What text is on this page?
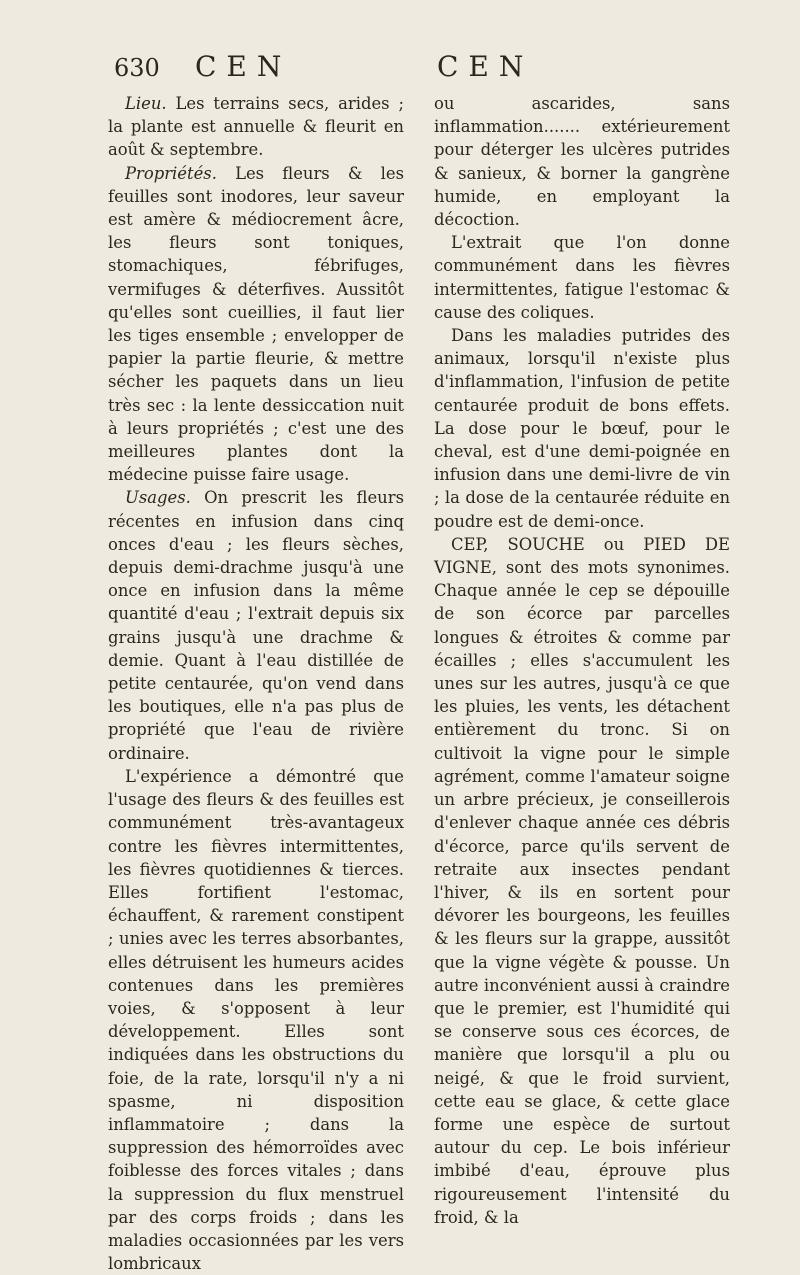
630 CEN	CEN

Lieu. Les terrains secs, arides ; la plante est annuelle & fleurit en août & septembre.

Propriétés. Les fleurs & les feuilles sont inodores, leur saveur est amère & médiocrement âcre, les fleurs sont toniques, stomachiques, fébrifuges, vermifuges & déterfives. Aussitôt qu'elles sont cueillies, il faut lier les tiges ensemble ; envelopper de papier la partie fleurie, & mettre sécher les paquets dans un lieu très sec : la lente dessiccation nuit à leurs propriétés ; c'est une des meilleures plantes dont la médecine puisse faire usage.

Usages. On prescrit les fleurs récentes en infusion dans cinq onces d'eau ; les fleurs sèches, depuis demi-drachme jusqu'à une once en infusion dans la même quantité d'eau ; l'extrait depuis six grains jusqu'à une drachme & demie. Quant à l'eau distillée de petite centaurée, qu'on vend dans les boutiques, elle n'a pas plus de propriété que l'eau de rivière ordinaire.

L'expérience a démontré que l'usage des fleurs & des feuilles est communément très-avantageux contre les fièvres intermittentes, les fièvres quotidiennes & tierces. Elles fortifient l'estomac, échauffent, & rarement constipent ; unies avec les terres absorbantes, elles détruisent les humeurs acides contenues dans les premières voies, & s'opposent à leur développement. Elles sont indiquées dans les obstructions du foie, de la rate, lorsqu'il n'y a ni spasme, ni disposition inflammatoire ; dans la suppression des hémorroïdes avec foiblesse des forces vitales ; dans la suppression du flux menstruel par des corps froids ; dans les maladies occasionnées par les vers lombricaux

ou ascarides, sans inflammation....... extérieurement pour déterger les ulcères putrides & sanieux, & borner la gangrène humide, en employant la décoction.

L'extrait que l'on donne communément dans les fièvres intermittentes, fatigue l'estomac & cause des coliques.

Dans les maladies putrides des animaux, lorsqu'il n'existe plus d'inflammation, l'infusion de petite centaurée produit de bons effets. La dose pour le bœuf, pour le cheval, est d'une demi-poignée en infusion dans une demi-livre de vin ; la dose de la centaurée réduite en poudre est de demi-once.

CEP, SOUCHE ou PIED DE VIGNE, sont des mots synonimes. Chaque année le cep se dépouille de son écorce par parcelles longues & étroites & comme par écailles ; elles s'accumulent les unes sur les autres, jusqu'à ce que les pluies, les vents, les détachent entièrement du tronc. Si on cultivoit la vigne pour le simple agrément, comme l'amateur soigne un arbre précieux, je conseillerois d'enlever chaque année ces débris d'écorce, parce qu'ils servent de retraite aux insectes pendant l'hiver, & ils en sortent pour dévorer les bourgeons, les feuilles & les fleurs sur la grappe, aussitôt que la vigne végète & pousse. Un autre inconvénient aussi à craindre que le premier, est l'humidité qui se conserve sous ces écorces, de manière que lorsqu'il a plu ou neigé, & que le froid survient, cette eau se glace, & cette glace forme une espèce de surtout autour du cep. Le bois inférieur imbibé d'eau, éprouve plus rigoureusement l'intensité du froid, & la
